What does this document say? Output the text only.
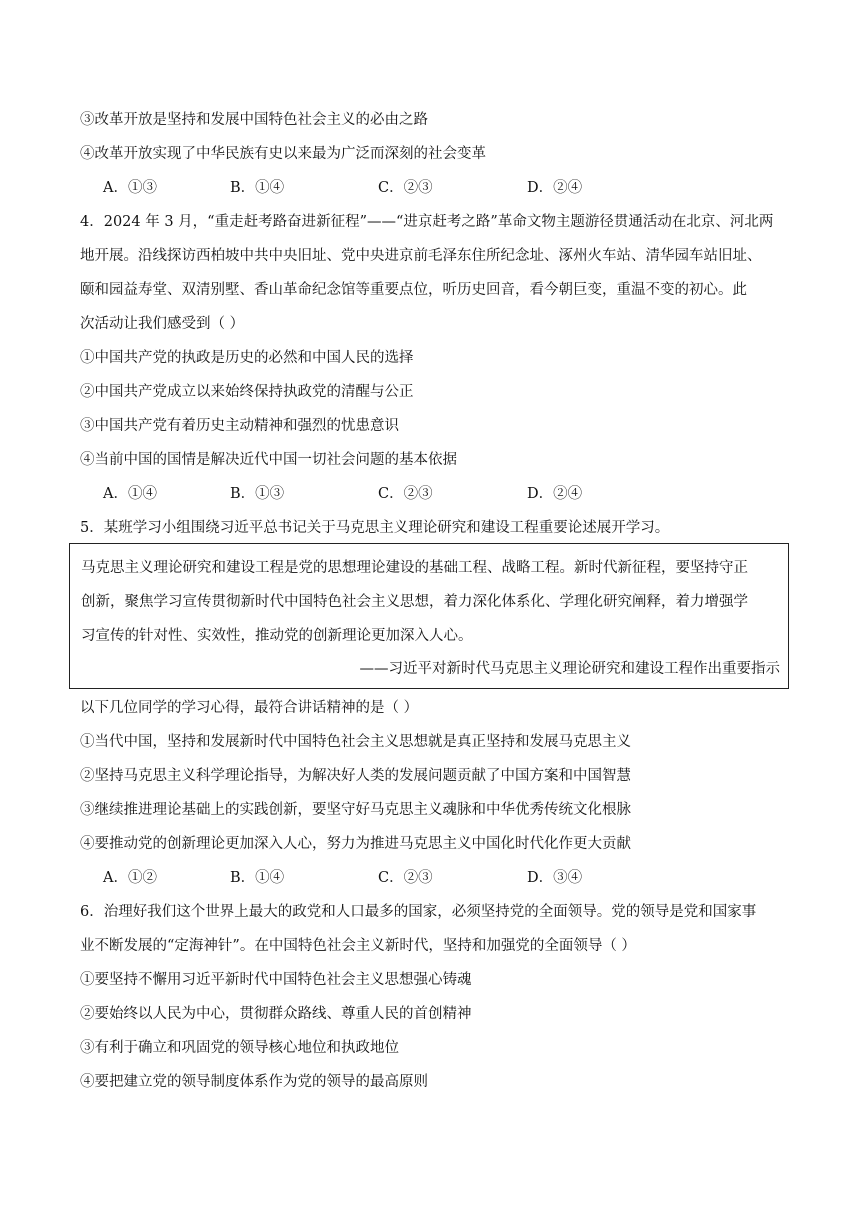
③改革开放是坚持和发展中国特色社会主义的必由之路
④改革开放实现了中华民族有史以来最为广泛而深刻的社会变革
A．①③	B．①④	C．②③	D．②④
4．2024 年 3 月，“重走赶考路奋进新征程”——“进京赶考之路”革命文物主题游径贯通活动在北京、河北两
地开展。沿线探访西柏坡中共中央旧址、党中央进京前毛泽东住所纪念址、涿州火车站、清华园车站旧址、
颐和园益寿堂、双清别墅、香山革命纪念馆等重要点位，听历史回音，看今朝巨变，重温不变的初心。此
次活动让我们感受到（ ）
①中国共产党的执政是历史的必然和中国人民的选择
②中国共产党成立以来始终保持执政党的清醒与公正
③中国共产党有着历史主动精神和强烈的忧患意识
④当前中国的国情是解决近代中国一切社会问题的基本依据
A．①④	B．①③	C．②③	D．②④
5．某班学习小组围绕习近平总书记关于马克思主义理论研究和建设工程重要论述展开学习。
马克思主义理论研究和建设工程是党的思想理论建设的基础工程、战略工程。新时代新征程，要坚持守正
创新，聚焦学习宣传贯彻新时代中国特色社会主义思想，着力深化体系化、学理化研究阐释，着力增强学
习宣传的针对性、实效性，推动党的创新理论更加深入人心。
——习近平对新时代马克思主义理论研究和建设工程作出重要指示
以下几位同学的学习心得，最符合讲话精神的是（ ）
①当代中国，坚持和发展新时代中国特色社会主义思想就是真正坚持和发展马克思主义
②坚持马克思主义科学理论指导，为解决好人类的发展问题贡献了中国方案和中国智慧
③继续推进理论基础上的实践创新，要坚守好马克思主义魂脉和中华优秀传统文化根脉
④要推动党的创新理论更加深入人心，努力为推进马克思主义中国化时代化作更大贡献
A．①②	B．①④	C．②③	D．③④
6．治理好我们这个世界上最大的政党和人口最多的国家，必须坚持党的全面领导。党的领导是党和国家事
业不断发展的“定海神针”。在中国特色社会主义新时代，坚持和加强党的全面领导（ ）
①要坚持不懈用习近平新时代中国特色社会主义思想强心铸魂
②要始终以人民为中心，贯彻群众路线、尊重人民的首创精神
③有利于确立和巩固党的领导核心地位和执政地位
④要把建立党的领导制度体系作为党的领导的最高原则
